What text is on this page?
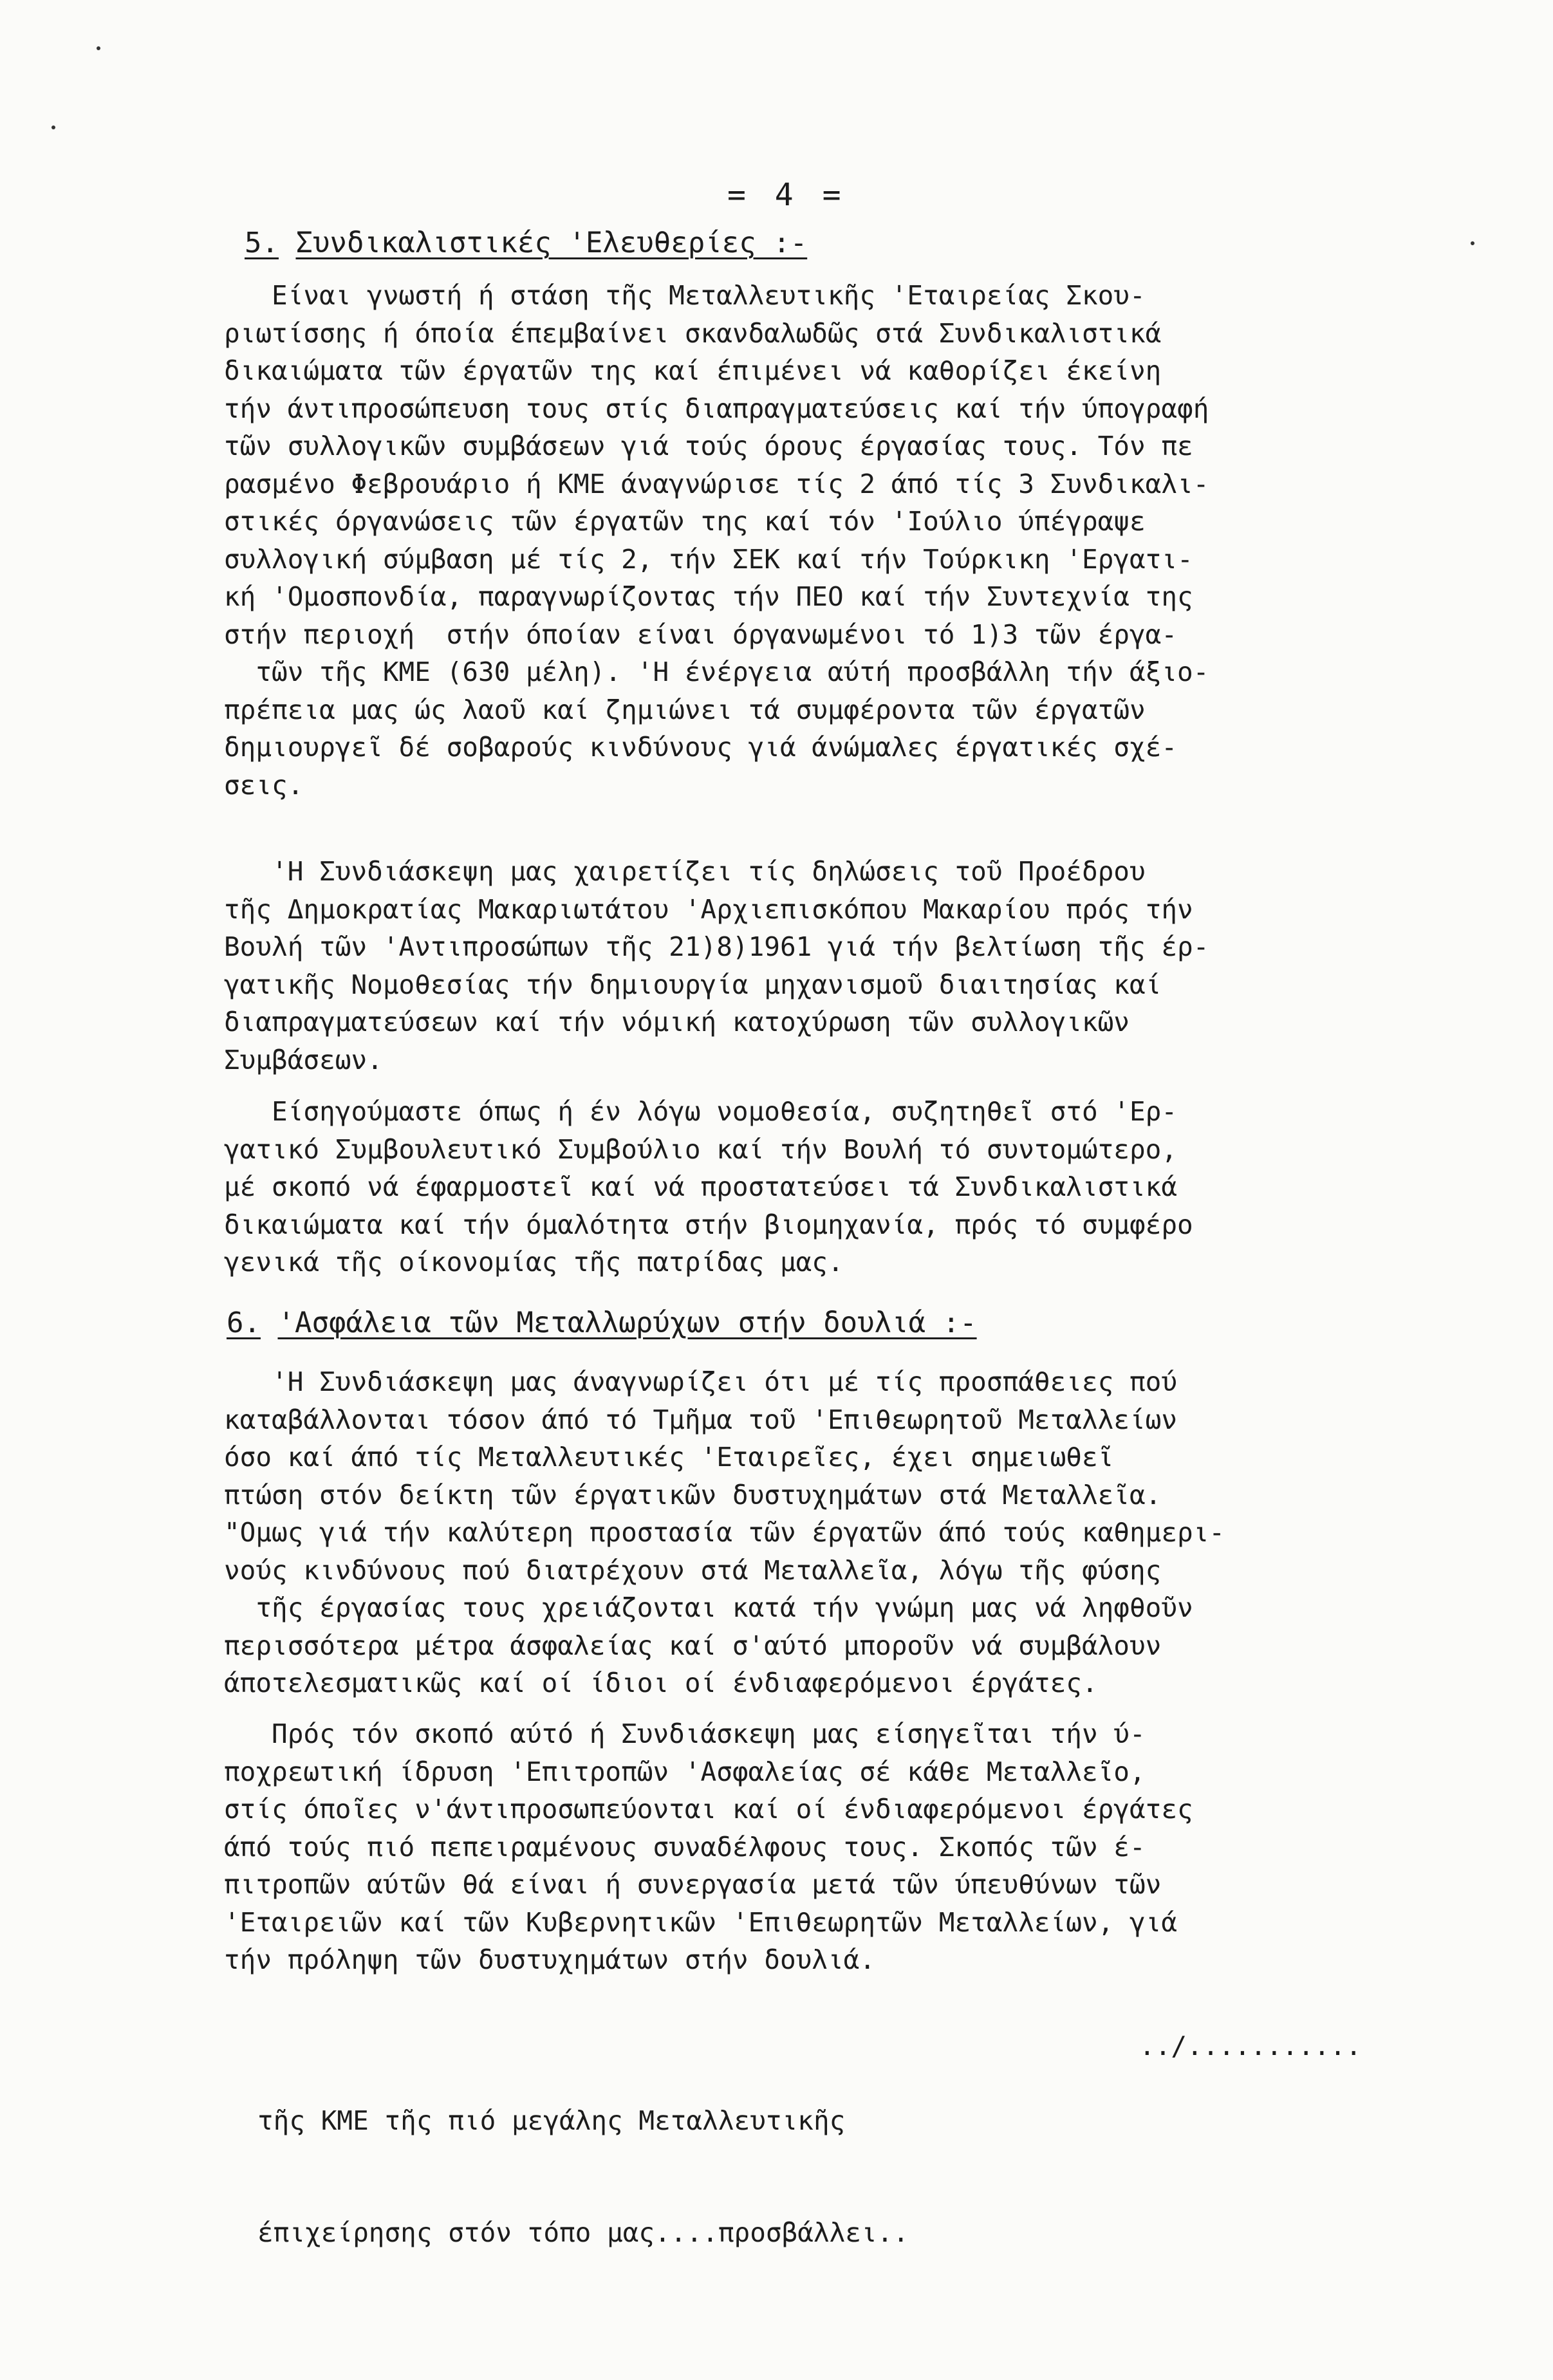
= 4 =
5. Συνδικαλιστικές 'Ελευθερίες :-
Είναι γνωστή ή στάση τῆς Μεταλλευτικῆς 'Εταιρείας Σκου-
ριωτίσσης ή όποία έπεμβαίνει σκανδαλωδῶς στά Συνδικαλιστικά
δικαιώματα τῶν έργατῶν της καί έπιμένει νά καθορίζει έκείνη
τήν άντιπροσώπευση τους στίς διαπραγματεύσεις καί τήν ύπογραφή
τῶν συλλογικῶν συμβάσεων γιά τούς όρους έργασίας τους. Τόν πε
ρασμένο Φεβρουάριο ή ΚΜΕ άναγνώρισε τίς 2 άπό τίς 3 Συνδικαλι-
στικές όργανώσεις τῶν έργατῶν της καί τόν 'Ιούλιο ύπέγραψε
συλλογική σύμβαση μέ τίς 2, τήν ΣΕΚ καί τήν Τούρκικη 'Εργατι-
κή 'Ομοσπονδία, παραγνωρίζοντας τήν ΠΕΟ καί τήν Συντεχνία της
στήν περιοχή  στήν όποίαν είναι όργανωμένοι τό 1)3 τῶν έργα-
τῶν τῆς ΚΜΕ (630 μέλη). 'Η ένέργεια αύτή προσβάλλη τήν άξιο-
πρέπεια μας ώς λαοῦ καί ζημιώνει τά συμφέροντα τῶν έργατῶν
δημιουργεῖ δέ σοβαρούς κινδύνους γιά άνώμαλες έργατικές σχέ-
σεις.
'Η Συνδιάσκεψη μας χαιρετίζει τίς δηλώσεις τοῦ Προέδρου
τῆς Δημοκρατίας Μακαριωτάτου 'Αρχιεπισκόπου Μακαρίου πρός τήν
Βουλή τῶν 'Αντιπροσώπων τῆς 21)8)1961 γιά τήν βελτίωση τῆς έρ-
γατικῆς Νομοθεσίας τήν δημιουργία μηχανισμοῦ διαιτησίας καί
διαπραγματεύσεων καί τήν νόμική κατοχύρωση τῶν συλλογικῶν
Συμβάσεων.
Είσηγούμαστε όπως ή έν λόγω νομοθεσία, συζητηθεῖ στό 'Ερ-
γατικό Συμβουλευτικό Συμβούλιο καί τήν Βουλή τό συντομώτερο,
μέ σκοπό νά έφαρμοστεῖ καί νά προστατεύσει τά Συνδικαλιστικά
δικαιώματα καί τήν όμαλότητα στήν βιομηχανία, πρός τό συμφέρο
γενικά τῆς οίκονομίας τῆς πατρίδας μας.
6. 'Ασφάλεια τῶν Μεταλλωρύχων στήν δουλιά :-
'Η Συνδιάσκεψη μας άναγνωρίζει ότι μέ τίς προσπάθειες πού
καταβάλλονται τόσον άπό τό Τμῆμα τοῦ 'Επιθεωρητοῦ Μεταλλείων
όσο καί άπό τίς Μεταλλευτικές 'Εταιρεῖες, έχει σημειωθεῖ
πτώση στόν δείκτη τῶν έργατικῶν δυστυχημάτων στά Μεταλλεῖα.
"Ομως γιά τήν καλύτερη προστασία τῶν έργατῶν άπό τούς καθημερι-
νούς κινδύνους πού διατρέχουν στά Μεταλλεῖα, λόγω τῆς φύσης
τῆς έργασίας τους χρειάζονται κατά τήν γνώμη μας νά ληφθοῦν
περισσότερα μέτρα άσφαλείας καί σ'αύτό μποροῦν νά συμβάλουν
άποτελεσματικῶς καί οί ίδιοι οί ένδιαφερόμενοι έργάτες.
Πρός τόν σκοπό αύτό ή Συνδιάσκεψη μας είσηγεῖται τήν ύ-
ποχρεωτική ίδρυση 'Επιτροπῶν 'Ασφαλείας σέ κάθε Μεταλλεῖο,
στίς όποῖες ν'άντιπροσωπεύονται καί οί ένδιαφερόμενοι έργάτες
άπό τούς πιό πεπειραμένους συναδέλφους τους. Σκοπός τῶν έ-
πιτροπῶν αύτῶν θά είναι ή συνεργασία μετά τῶν ύπευθύνων τῶν
'Εταιρειῶν καί τῶν Κυβερνητικῶν 'Επιθεωρητῶν Μεταλλείων, γιά
τήν πρόληψη τῶν δυστυχημάτων στήν δουλιά.

τῆς ΚΜΕ τῆς πιό μεγάλης Μεταλλευτικῆς

έπιχείρησης στόν τόπο μας....προσβάλλει..

../...........
